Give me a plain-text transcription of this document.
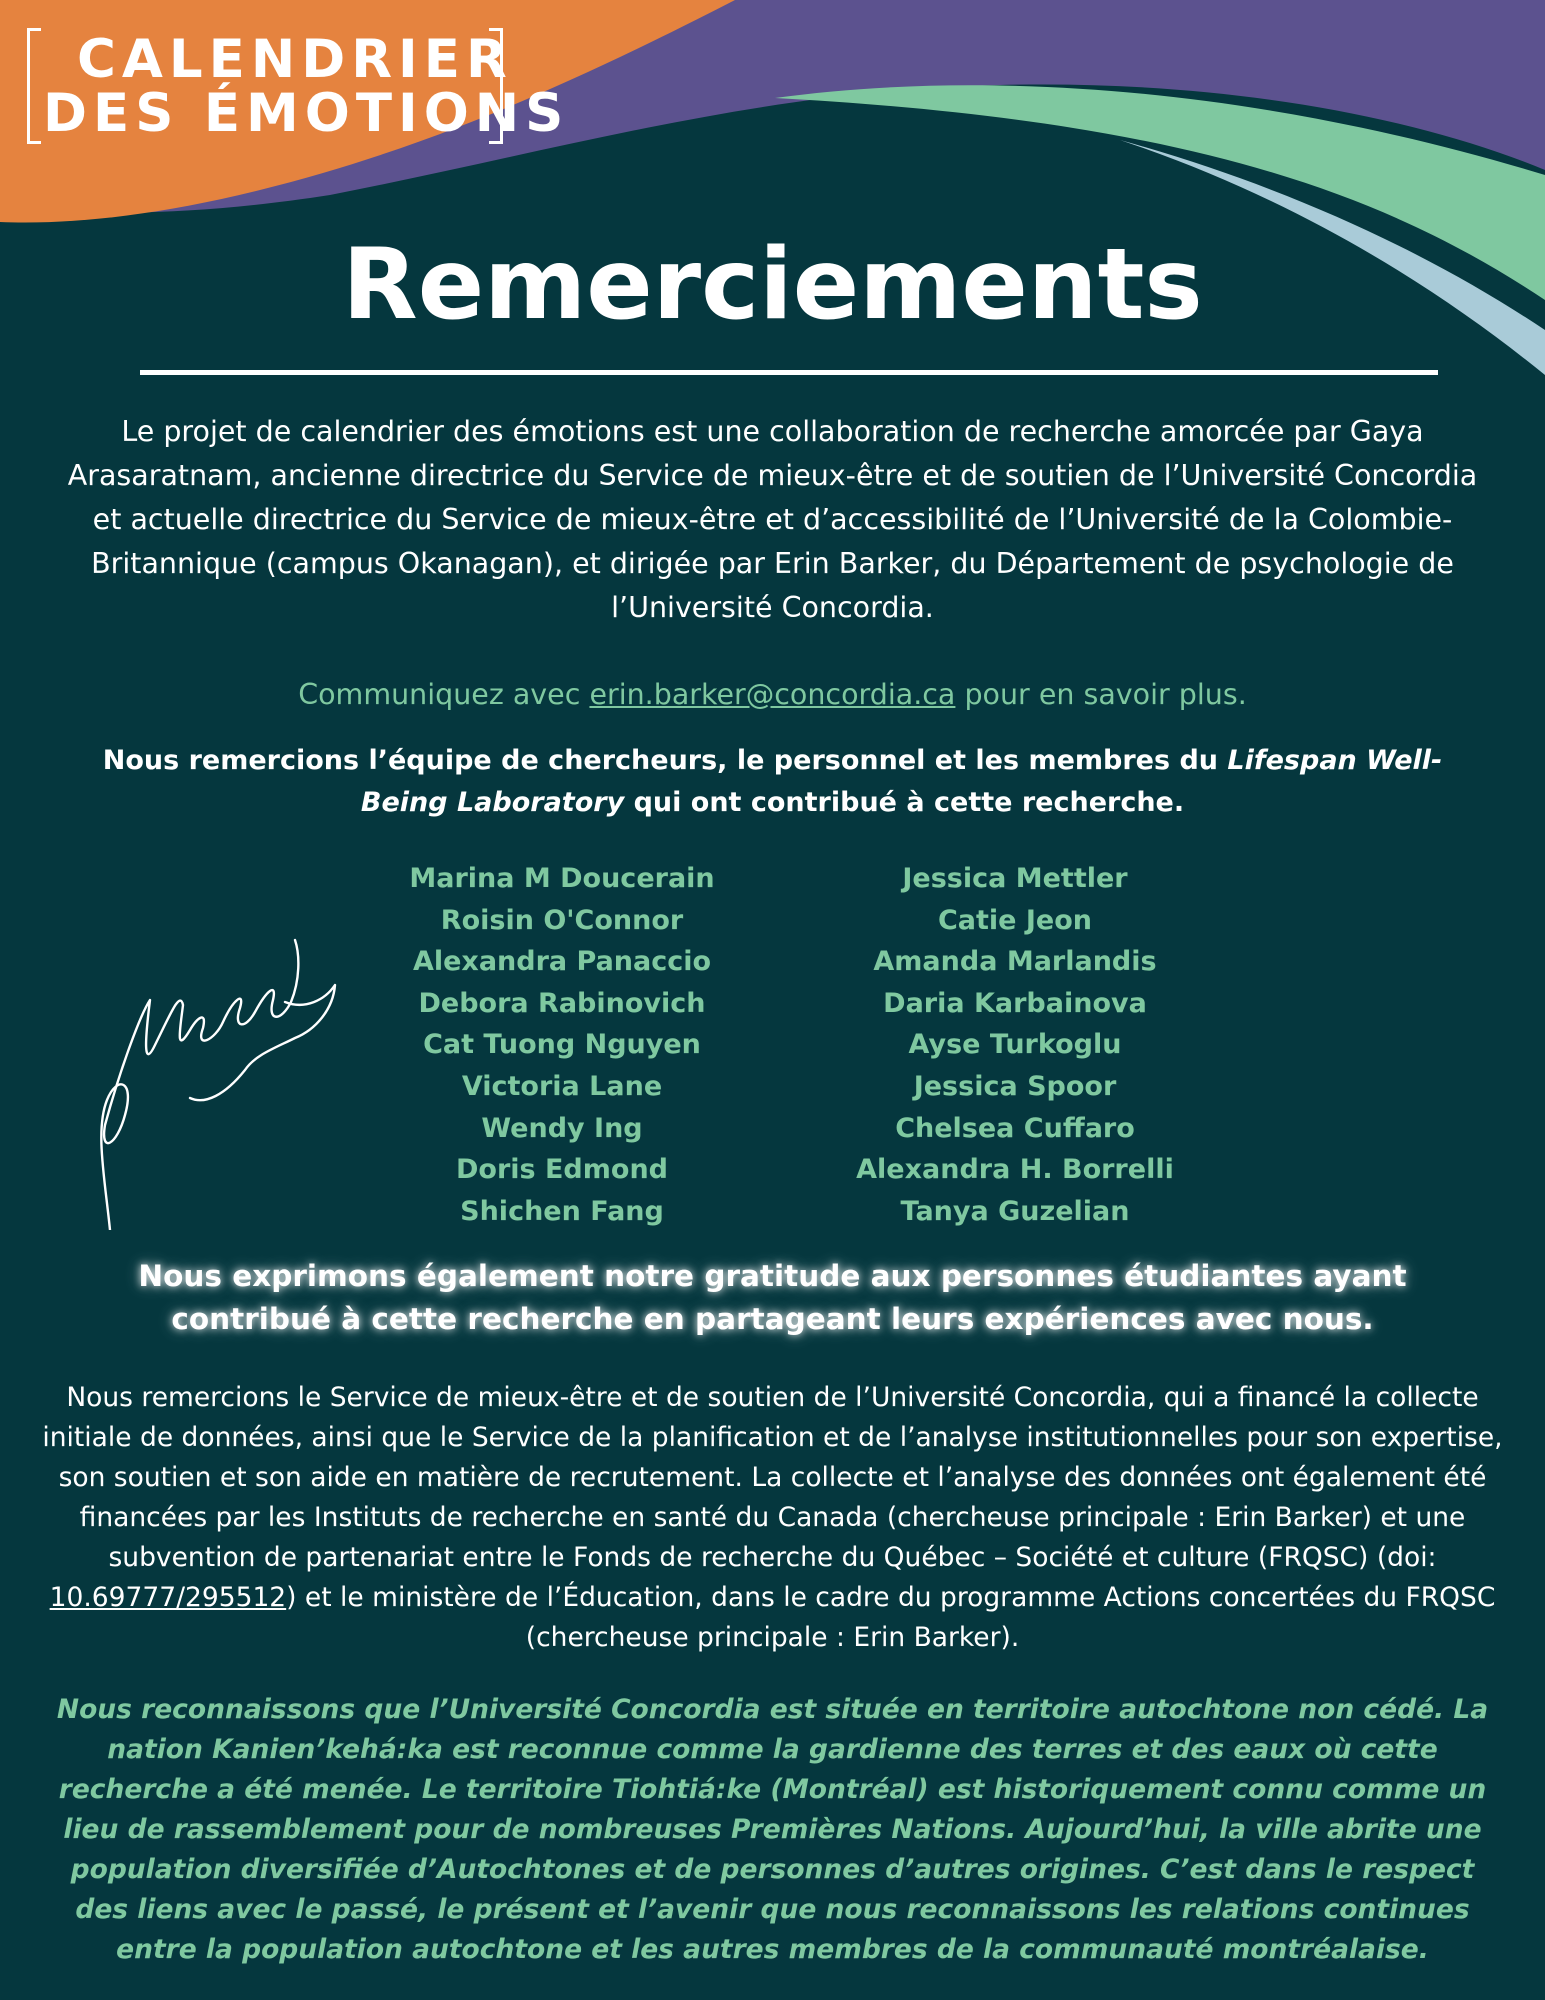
CALENDRIER
DES ÉMOTIONS
Remerciements
Le projet de calendrier des émotions est une collaboration de recherche amorcée par Gaya Arasaratnam, ancienne directrice du Service de mieux-être et de soutien de l’Université Concordia et actuelle directrice du Service de mieux-être et d’accessibilité de l’Université de la Colombie-Britannique (campus Okanagan), et dirigée par Erin Barker, du Département de psychologie de l’Université Concordia.
Communiquez avec erin.barker@concordia.ca pour en savoir plus.
Nous remercions l’équipe de chercheurs, le personnel et les membres du Lifespan Well-Being Laboratory qui ont contribué à cette recherche.
Marina M Doucerain
Roisin O'Connor
Alexandra Panaccio
Debora Rabinovich
Cat Tuong Nguyen
Victoria Lane
Wendy Ing
Doris Edmond
Shichen Fang
Jessica Mettler
Catie Jeon
Amanda Marlandis
Daria Karbainova
Ayse Turkoglu
Jessica Spoor
Chelsea Cuffaro
Alexandra H. Borrelli
Tanya Guzelian
Nous exprimons également notre gratitude aux personnes étudiantes ayant contribué à cette recherche en partageant leurs expériences avec nous.
Nous remercions le Service de mieux-être et de soutien de l’Université Concordia, qui a financé la collecte initiale de données, ainsi que le Service de la planification et de l’analyse institutionnelles pour son expertise, son soutien et son aide en matière de recrutement. La collecte et l’analyse des données ont également été financées par les Instituts de recherche en santé du Canada (chercheuse principale : Erin Barker) et une subvention de partenariat entre le Fonds de recherche du Québec – Société et culture (FRQSC) (doi: 10.69777/295512) et le ministère de l’Éducation, dans le cadre du programme Actions concertées du FRQSC (chercheuse principale : Erin Barker).
Nous reconnaissons que l’Université Concordia est située en territoire autochtone non cédé. La nation Kanien’kehá:ka est reconnue comme la gardienne des terres et des eaux où cette recherche a été menée. Le territoire Tiohtiá:ke (Montréal) est historiquement connu comme un lieu de rassemblement pour de nombreuses Premières Nations. Aujourd’hui, la ville abrite une population diversifiée d’Autochtones et de personnes d’autres origines. C’est dans le respect des liens avec le passé, le présent et l’avenir que nous reconnaissons les relations continues entre la population autochtone et les autres membres de la communauté montréalaise.
